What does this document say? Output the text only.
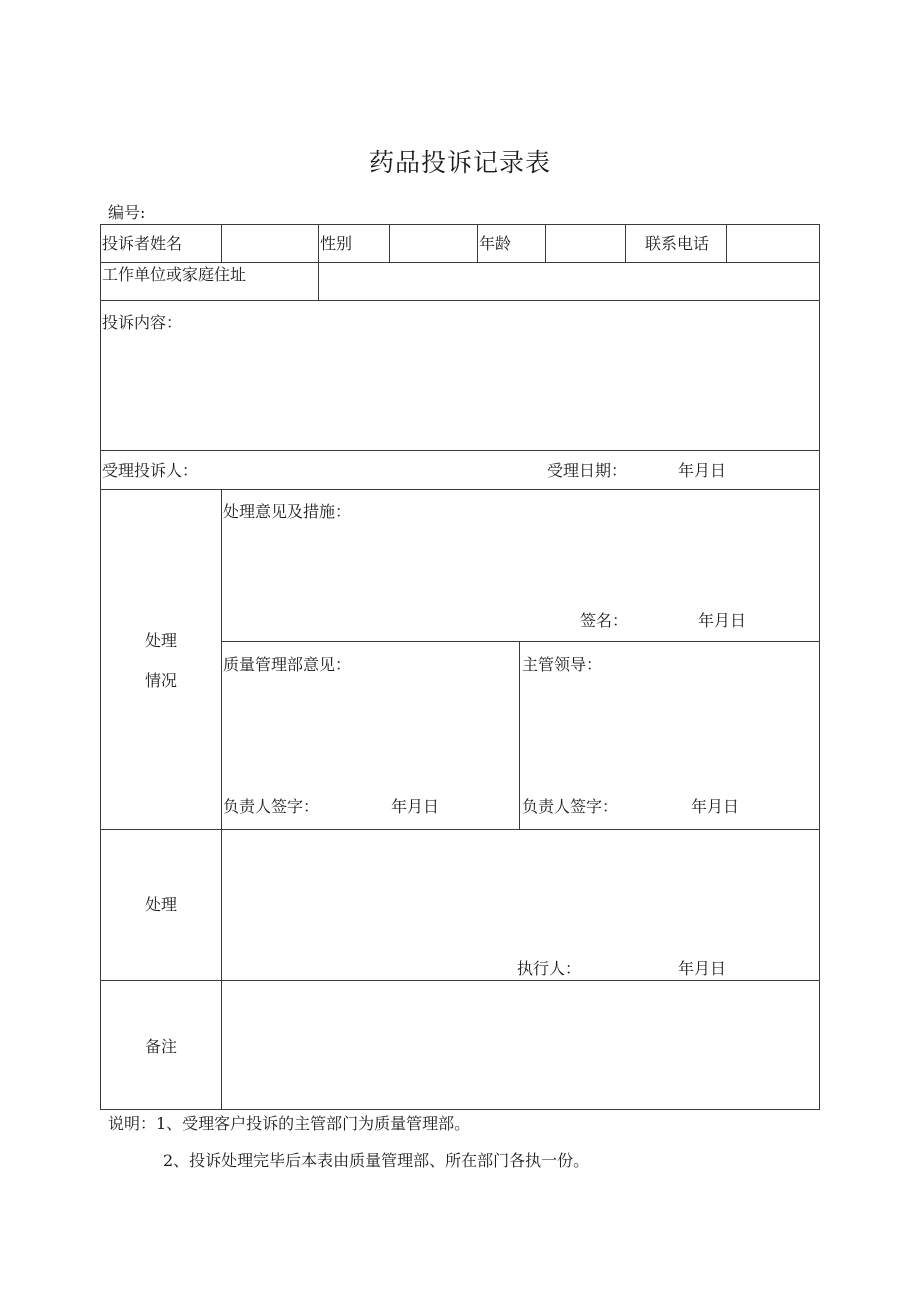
药品投诉记录表
编号:
投诉者姓名	性别	年龄	联系电话
工作单位或家庭住址
投诉内容：
受理投诉人：	受理日期：	年月日
处理
情况
处理意见及措施：
签名：	年月日
质量管理部意见：
负责人签字：	年月日
主管领导：
负责人签字：	年月日
处理
执行人：	年月日
备注
说明：1、受理客户投诉的主管部门为质量管理部。
2、投诉处理完毕后本表由质量管理部、所在部门各执一份。
